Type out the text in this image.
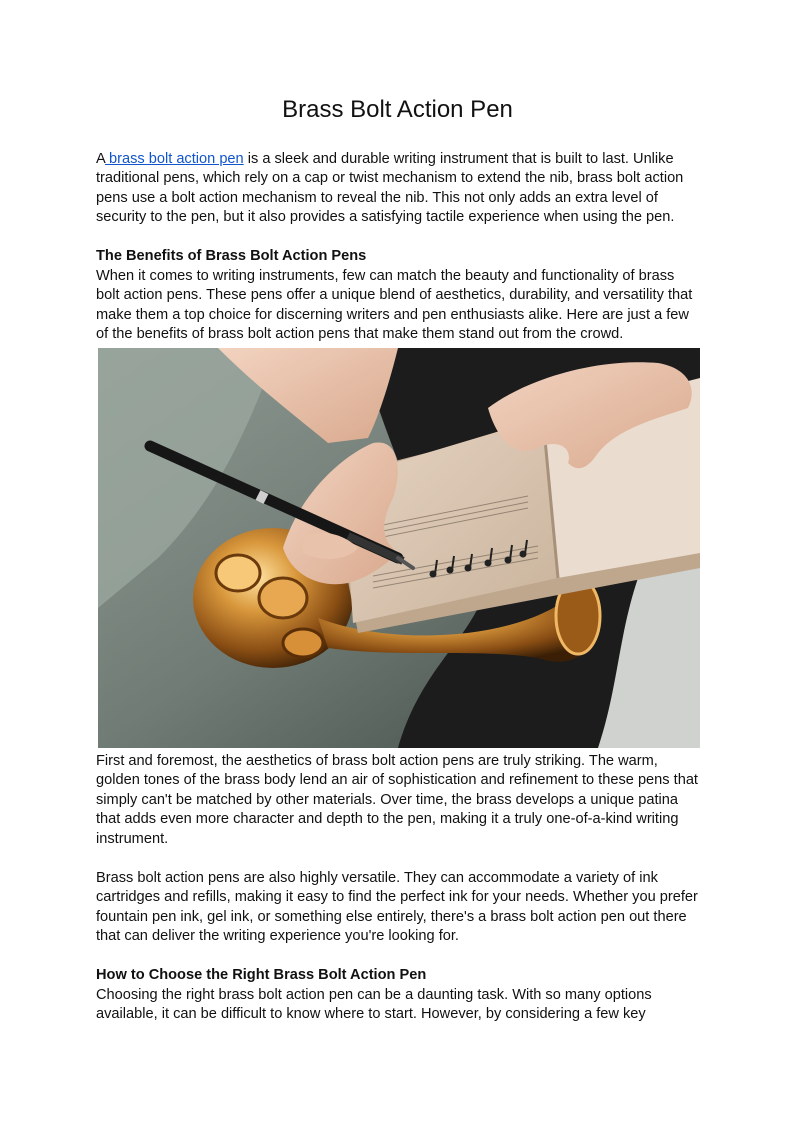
Brass Bolt Action Pen

A brass bolt action pen is a sleek and durable writing instrument that is built to last. Unlike traditional pens, which rely on a cap or twist mechanism to extend the nib, brass bolt action pens use a bolt action mechanism to reveal the nib. This not only adds an extra level of security to the pen, but it also provides a satisfying tactile experience when using the pen.

The Benefits of Brass Bolt Action Pens

When it comes to writing instruments, few can match the beauty and functionality of brass bolt action pens. These pens offer a unique blend of aesthetics, durability, and versatility that make them a top choice for discerning writers and pen enthusiasts alike. Here are just a few of the benefits of brass bolt action pens that make them stand out from the crowd.

First and foremost, the aesthetics of brass bolt action pens are truly striking. The warm, golden tones of the brass body lend an air of sophistication and refinement to these pens that simply can't be matched by other materials. Over time, the brass develops a unique patina that adds even more character and depth to the pen, making it a truly one-of-a-kind writing instrument.

Brass bolt action pens are also highly versatile. They can accommodate a variety of ink cartridges and refills, making it easy to find the perfect ink for your needs. Whether you prefer fountain pen ink, gel ink, or something else entirely, there's a brass bolt action pen out there that can deliver the writing experience you're looking for.

How to Choose the Right Brass Bolt Action Pen

Choosing the right brass bolt action pen can be a daunting task. With so many options available, it can be difficult to know where to start. However, by considering a few key
